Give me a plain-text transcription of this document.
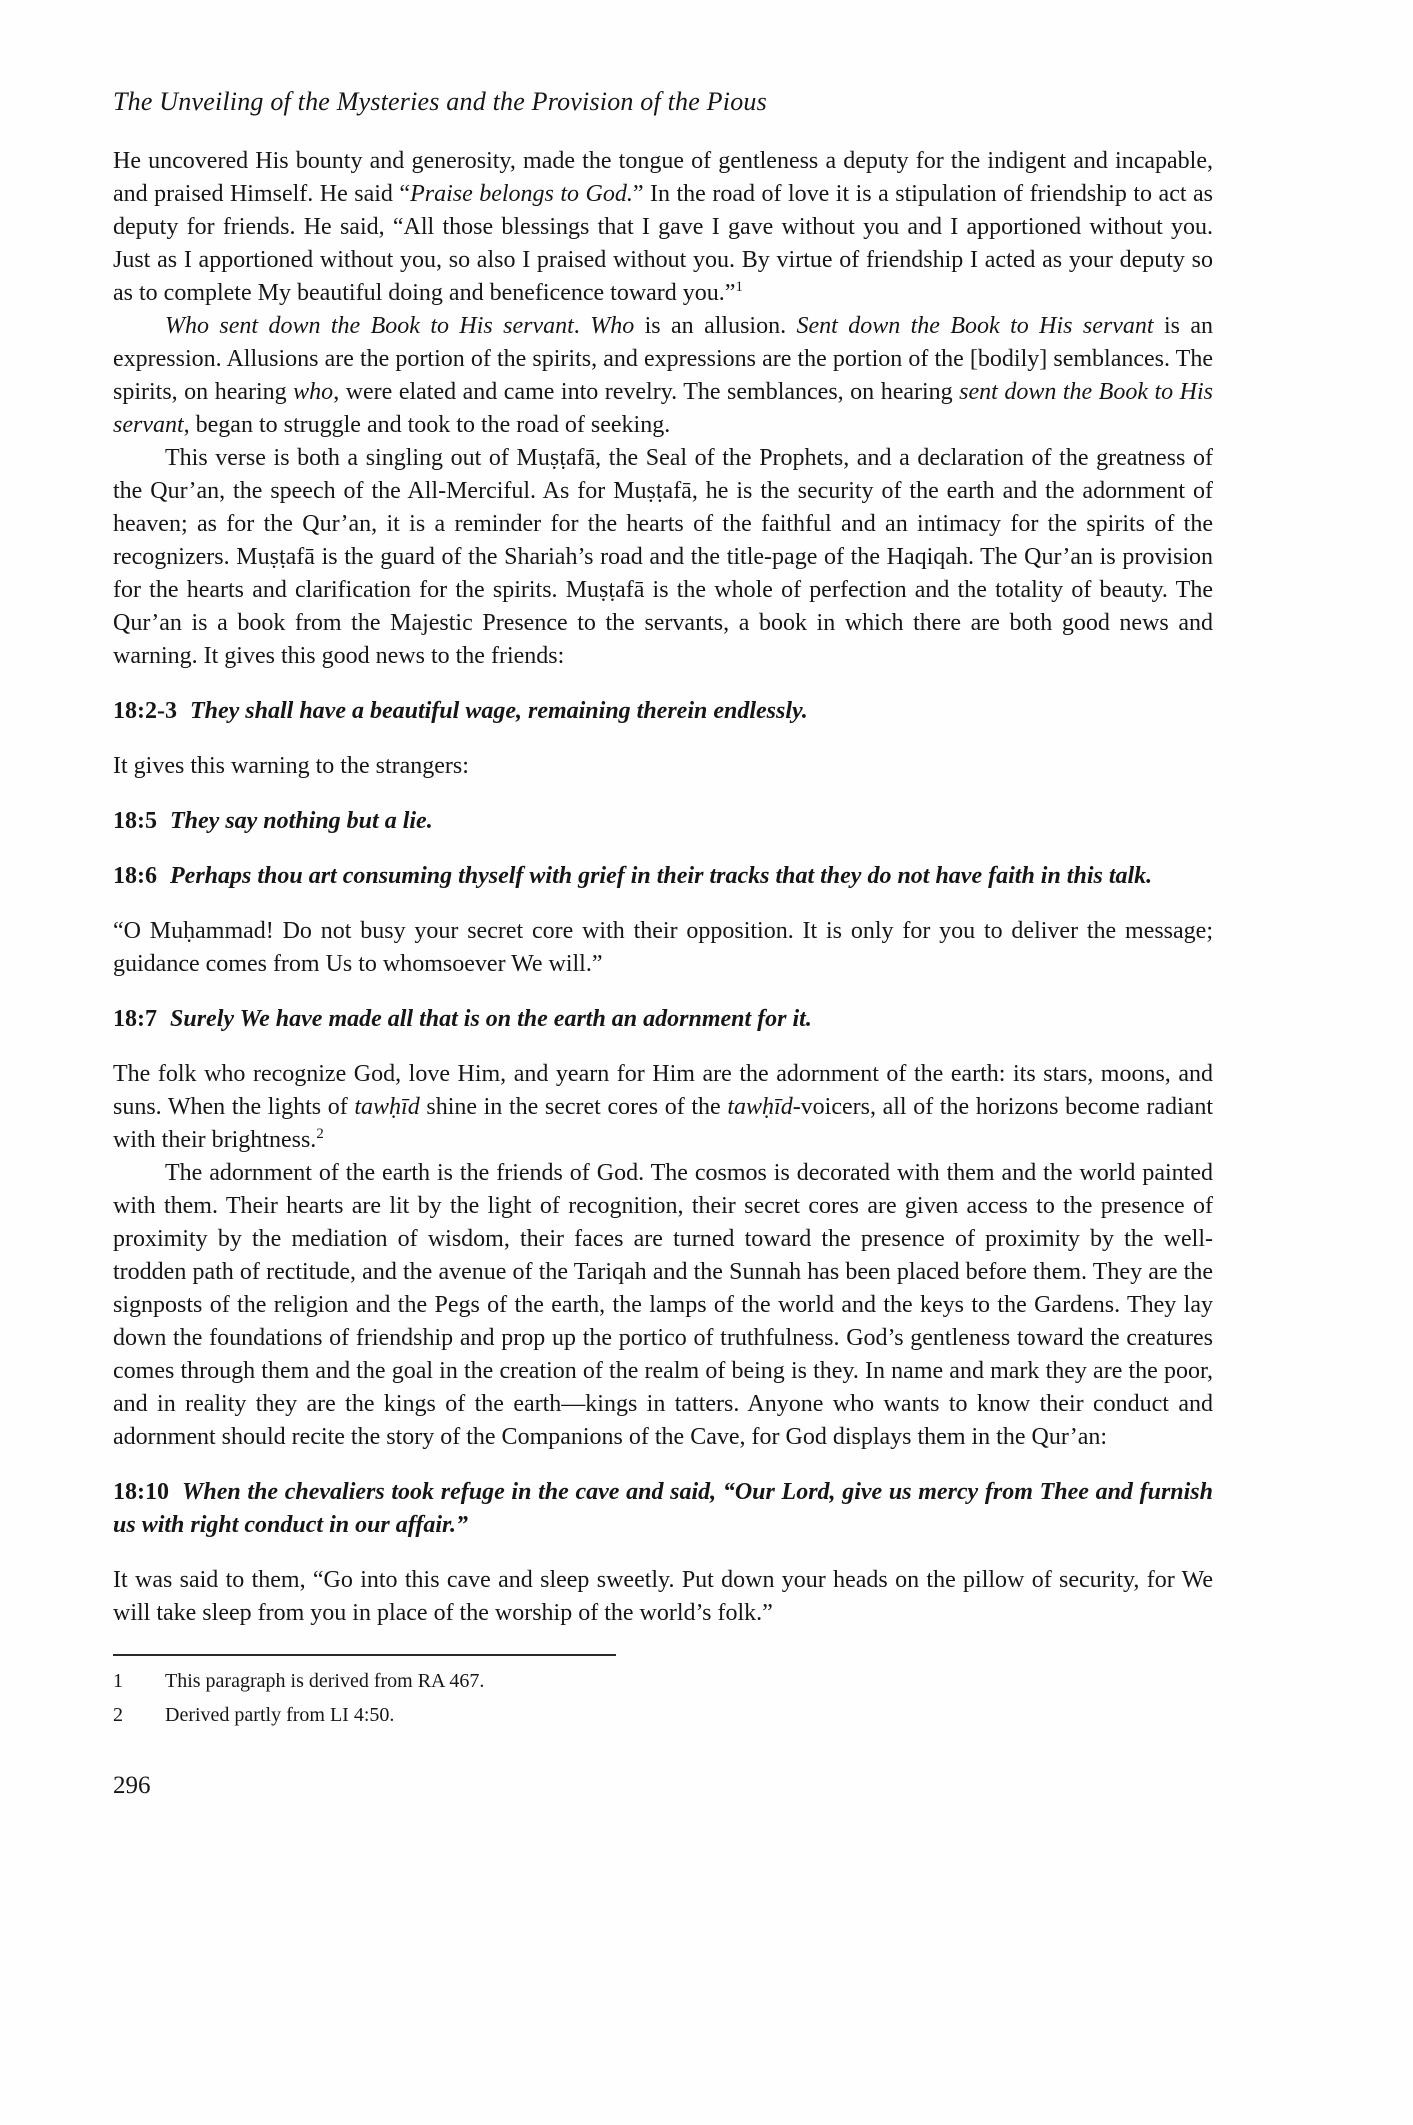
The Unveiling of the Mysteries and the Provision of the Pious

He uncovered His bounty and generosity, made the tongue of gentleness a deputy for the indigent and incapable, and praised Himself. He said “Praise belongs to God.” In the road of love it is a stipulation of friendship to act as deputy for friends. He said, “All those blessings that I gave I gave without you and I apportioned without you. Just as I apportioned without you, so also I praised without you. By virtue of friendship I acted as your deputy so as to complete My beautiful doing and beneficence toward you.”$^1$

Who sent down the Book to His servant. Who is an allusion. Sent down the Book to His servant is an expression. Allusions are the portion of the spirits, and expressions are the portion of the [bodily] semblances. The spirits, on hearing who, were elated and came into revelry. The semblances, on hearing sent down the Book to His servant, began to struggle and took to the road of seeking.

This verse is both a singling out of Muṣṭafā, the Seal of the Prophets, and a declaration of the greatness of the Qur’an, the speech of the All-Merciful. As for Muṣṭafā, he is the security of the earth and the adornment of heaven; as for the Qur’an, it is a reminder for the hearts of the faithful and an intimacy for the spirits of the recognizers. Muṣṭafā is the guard of the Shariah’s road and the title-page of the Haqiqah. The Qur’an is provision for the hearts and clarification for the spirits. Muṣṭafā is the whole of perfection and the totality of beauty. The Qur’an is a book from the Majestic Presence to the servants, a book in which there are both good news and warning. It gives this good news to the friends:

18:2-3 They shall have a beautiful wage, remaining therein endlessly.

It gives this warning to the strangers:

18:5 They say nothing but a lie.

18:6 Perhaps thou art consuming thyself with grief in their tracks that they do not have faith in this talk.

“O Muḥammad! Do not busy your secret core with their opposition. It is only for you to deliver the message; guidance comes from Us to whomsoever We will.”

18:7 Surely We have made all that is on the earth an adornment for it.

The folk who recognize God, love Him, and yearn for Him are the adornment of the earth: its stars, moons, and suns. When the lights of tawḥīd shine in the secret cores of the tawḥīd-voicers, all of the horizons become radiant with their brightness.$^2$

The adornment of the earth is the friends of God. The cosmos is decorated with them and the world painted with them. Their hearts are lit by the light of recognition, their secret cores are given access to the presence of proximity by the mediation of wisdom, their faces are turned toward the presence of proximity by the well-trodden path of rectitude, and the avenue of the Tariqah and the Sunnah has been placed before them. They are the signposts of the religion and the Pegs of the earth, the lamps of the world and the keys to the Gardens. They lay down the foundations of friendship and prop up the portico of truthfulness. God’s gentleness toward the creatures comes through them and the goal in the creation of the realm of being is they. In name and mark they are the poor, and in reality they are the kings of the earth—kings in tatters. Anyone who wants to know their conduct and adornment should recite the story of the Companions of the Cave, for God displays them in the Qur’an:

18:10 When the chevaliers took refuge in the cave and said, “Our Lord, give us mercy from Thee and furnish us with right conduct in our affair.”

It was said to them, “Go into this cave and sleep sweetly. Put down your heads on the pillow of security, for We will take sleep from you in place of the worship of the world’s folk.”

1	This paragraph is derived from RA 467.
2	Derived partly from LI 4:50.
296
